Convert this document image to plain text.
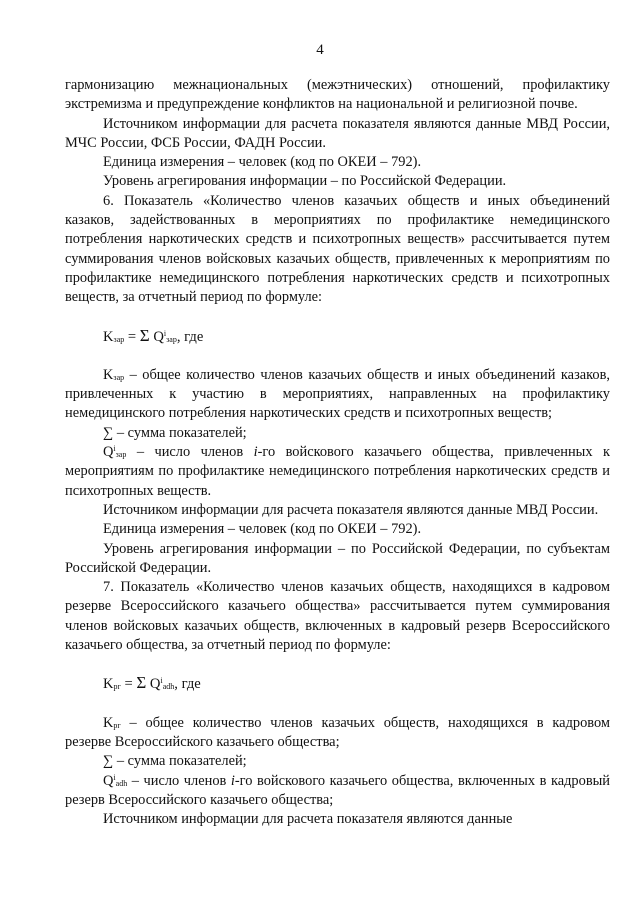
4

гармонизацию межнациональных (межэтнических) отношений, профилактику экстремизма и предупреждение конфликтов на национальной и религиозной почве.

Источником информации для расчета показателя являются данные МВД России, МЧС России, ФСБ России, ФАДН России.

Единица измерения – человек (код по ОКЕИ – 792).

Уровень агрегирования информации – по Российской Федерации.

6. Показатель «Количество членов казачьих обществ и иных объединений казаков, задействованных в мероприятиях по профилактике немедицинского потребления наркотических средств и психотропных веществ» рассчитывается путем суммирования членов войсковых казачьих обществ, привлеченных к мероприятиям по профилактике немедицинского потребления наркотических средств и психотропных веществ, за отчетный период по формуле:

$K_{зар} = \Sigma$ $Q^i_{зар}$, где

$K_{зар}$ – общее количество членов казачьих обществ и иных объединений казаков, привлеченных к участию в мероприятиях, направленных на профилактику немедицинского потребления наркотических средств и психотропных веществ;

∑ – сумма показателей;

$Q^i_{зар}$ – число членов i-го войскового казачьего общества, привлеченных к мероприятиям по профилактике немедицинского потребления наркотических средств и психотропных веществ.

Источником информации для расчета показателя являются данные МВД России.

Единица измерения – человек (код по ОКЕИ – 792).

Уровень агрегирования информации – по Российской Федерации, по субъектам Российской Федерации.

7. Показатель «Количество членов казачьих обществ, находящихся в кадровом резерве Всероссийского казачьего общества» рассчитывается путем суммирования членов войсковых казачьих обществ, включенных в кадровый резерв Всероссийского казачьего общества, за отчетный период по формуле:

$K_{рг} = \Sigma$ $Q^i_{adh}$, где

$K_{рг}$ – общее количество членов казачьих обществ, находящихся в кадровом резерве Всероссийского казачьего общества;

∑ – сумма показателей;

$Q^i_{adh}$ – число членов i-го войскового казачьего общества, включенных в кадровый резерв Всероссийского казачьего общества;

Источником информации для расчета показателя являются данные
